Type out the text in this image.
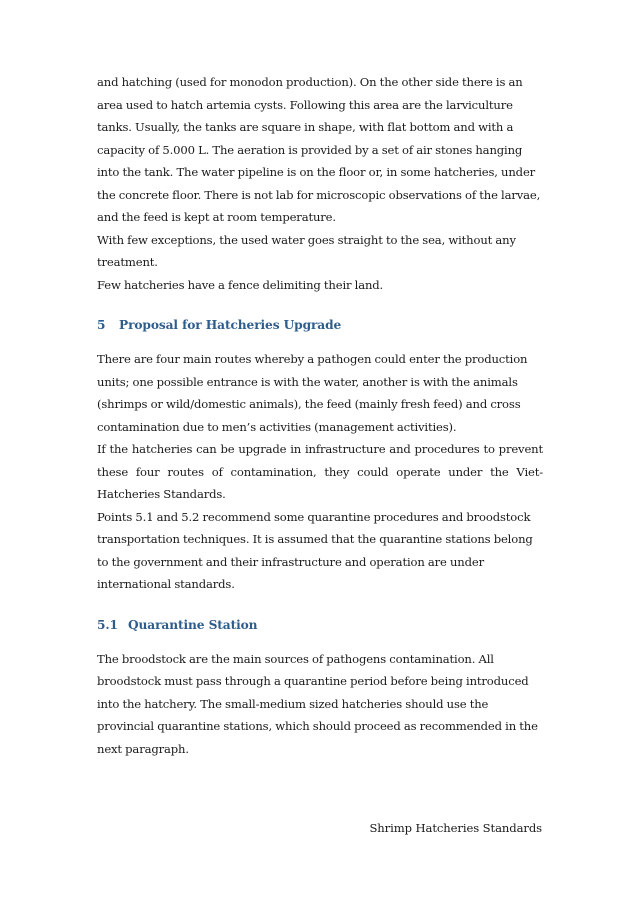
and hatching (used for monodon production). On the other side there is an area used to hatch artemia cysts. Following this area are the larviculture tanks. Usually, the tanks are square in shape, with flat bottom and with a capacity of 5.000 L. The aeration is provided by a set of air stones hanging into the tank. The water pipeline is on the floor or, in some hatcheries, under the concrete floor. There is not lab for microscopic observations of the larvae, and the feed is kept at room temperature.

With few exceptions, the used water goes straight to the sea, without any treatment.

Few hatcheries have a fence delimiting their land.

5	Proposal for Hatcheries Upgrade

There are four main routes whereby a pathogen could enter the production units; one possible entrance is with the water, another is with the animals (shrimps or wild/domestic animals), the feed (mainly fresh feed) and cross contamination due to men’s activities (management activities).

If the hatcheries can be upgrade in infrastructure and procedures to prevent these four routes of contamination, they could operate under the Viet-Hatcheries Standards.

Points 5.1 and 5.2 recommend some quarantine procedures and broodstock transportation techniques. It is assumed that the quarantine stations belong to the government and their infrastructure and operation are under international standards.

5.1 Quarantine Station

The broodstock are the main sources of pathogens contamination. All broodstock must pass through a quarantine period before being introduced into the hatchery. The small-medium sized hatcheries should use the provincial quarantine stations, which should proceed as recommended in the next paragraph.

Shrimp Hatcheries Standards
